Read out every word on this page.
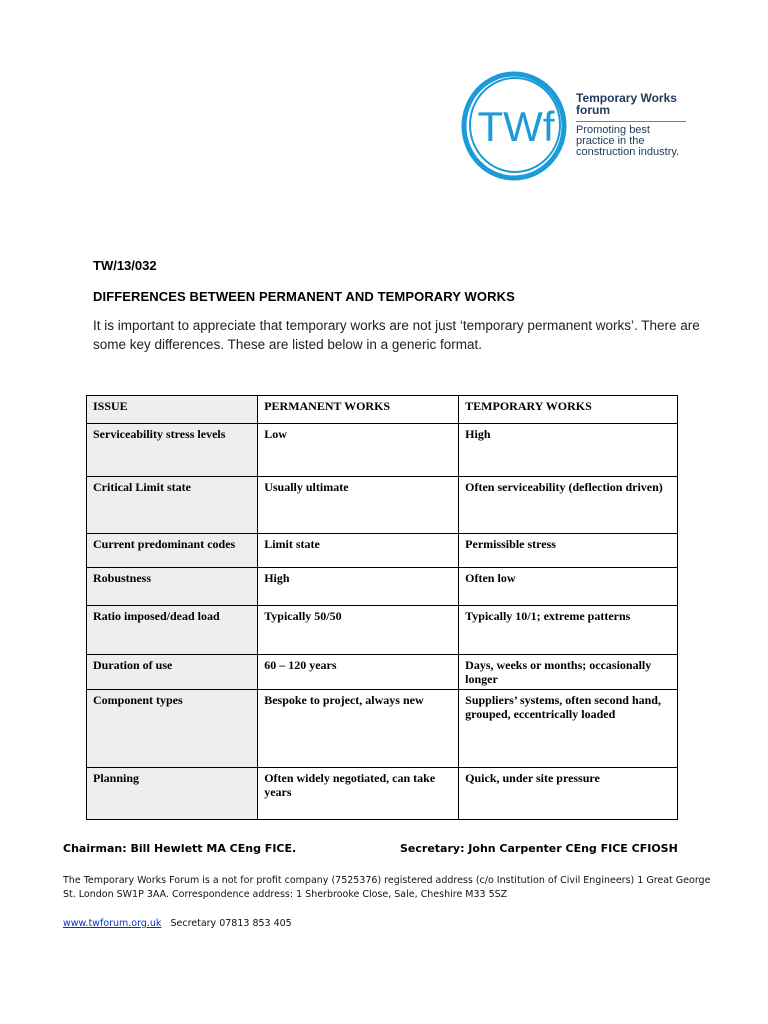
TWf
Temporary Works
forum
Promoting best practice in the construction industry.
TW/13/032
DIFFERENCES BETWEEN PERMANENT AND TEMPORARY WORKS
It is important to appreciate that temporary works are not just ‘temporary permanent works’. There are some key differences. These are listed below in a generic format.
ISSUE	PERMANENT WORKS	TEMPORARY WORKS
Serviceability stress levels	Low	High
Critical Limit state	Usually ultimate	Often serviceability (deflection driven)
Current predominant codes	Limit state	Permissible stress
Robustness	High	Often low
Ratio imposed/dead load	Typically 50/50	Typically 10/1; extreme patterns
Duration of use	60 – 120 years	Days, weeks or months; occasionally longer
Component types	Bespoke to project, always new	Suppliers’ systems, often second hand, grouped, eccentrically loaded
Planning	Often widely negotiated, can take years	Quick, under site pressure
Chairman: Bill Hewlett MA CEng FICE.	Secretary: John Carpenter CEng FICE CFIOSH
The Temporary Works Forum is a not for profit company (7525376) registered address (c/o Institution of Civil Engineers) 1 Great George St. London SW1P 3AA. Correspondence address: 1 Sherbrooke Close, Sale, Cheshire M33 5SZ
www.twforum.org.uk Secretary 07813 853 405
